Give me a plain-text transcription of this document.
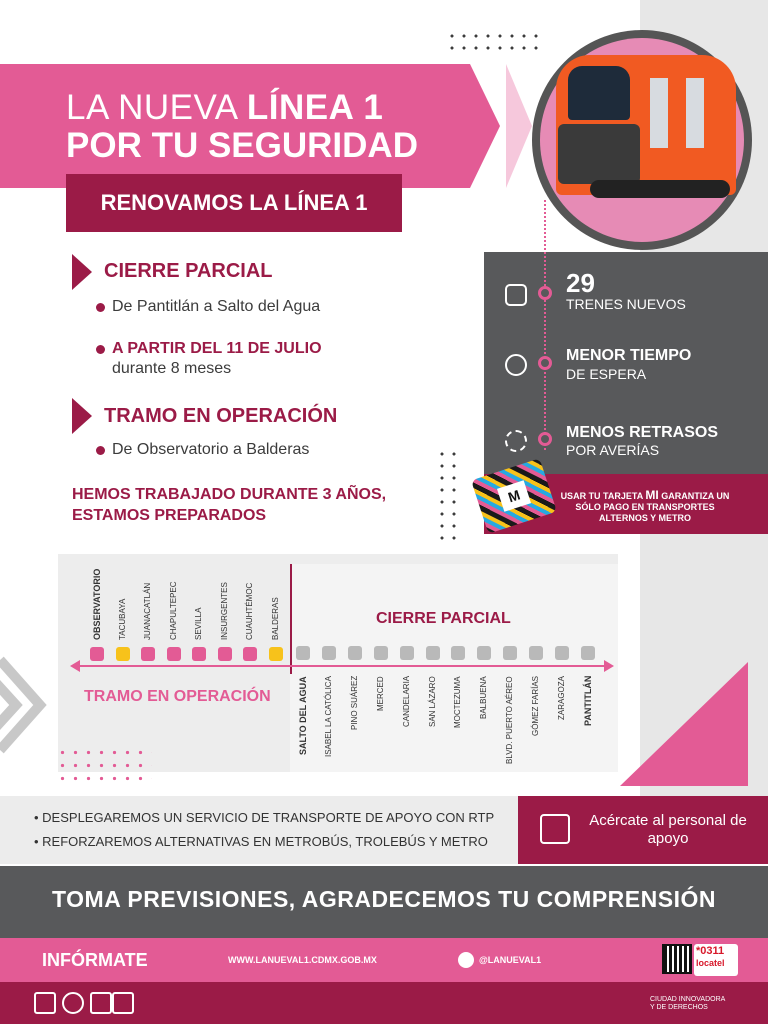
LA NUEVA LÍNEA 1
POR TU SEGURIDAD
RENOVAMOS LA LÍNEA 1
CIERRE PARCIAL
De Pantitlán a Salto del Agua
A PARTIR DEL 11 DE JULIO
durante 8 meses
TRAMO EN OPERACIÓN
De Observatorio a Balderas
HEMOS TRABAJADO DURANTE 3 AÑOS, ESTAMOS PREPARADOS
29
TRENES NUEVOS
MENOR TIEMPO
DE ESPERA
MENOS RETRASOS
POR AVERÍAS
M	USAR TU TARJETA MI GARANTIZA UN SÓLO PAGO EN TRANSPORTES ALTERNOS Y METRO
CIERRE PARCIAL
TRAMO EN OPERACIÓN
OBSERVATORIO TACUBAYA JUANACATLÁN CHAPULTEPEC SEVILLA INSURGENTES CUAUHTÉMOC BALDERAS
SALTO DEL AGUA ISABEL LA CATÓLICA PINO SUÁREZ MERCED CANDELARIA SAN LÁZARO MOCTEZUMA BALBUENA BLVD. PUERTO AÉREO GÓMEZ FARÍAS ZARAGOZA PANTITLÁN
• DESPLEGAREMOS UN SERVICIO DE TRANSPORTE DE APOYO CON RTP
• REFORZAREMOS ALTERNATIVAS EN METROBÚS, TROLEBÚS Y METRO
Acércate al personal de apoyo
TOMA PREVISIONES, AGRADECEMOS TU COMPRENSIÓN
INFÓRMATE	WWW.LANUEVAL1.CDMX.GOB.MX	@LANUEVAL1
*0311
locatel
CIUDAD INNOVADORA
Y DE DERECHOS
